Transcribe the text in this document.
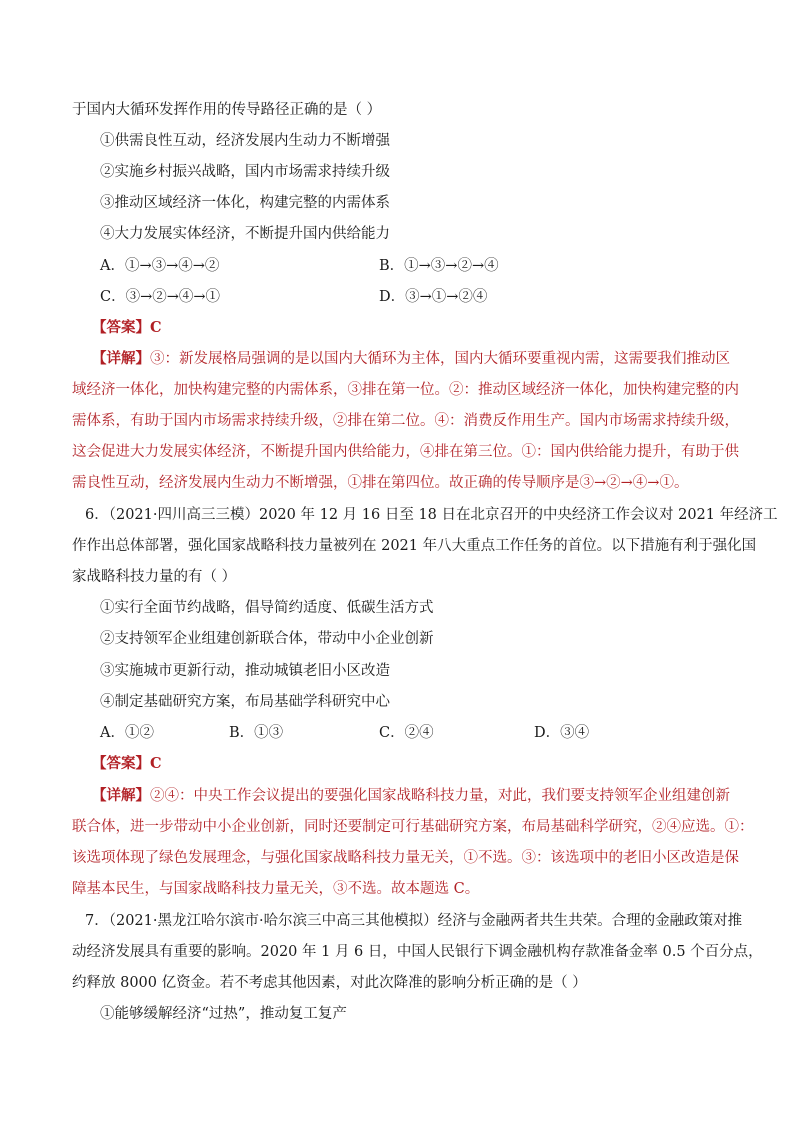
于国内大循环发挥作用的传导路径正确的是（ ）
①供需良性互动，经济发展内生动力不断增强
②实施乡村振兴战略，国内市场需求持续升级
③推动区域经济一体化，构建完整的内需体系
④大力发展实体经济，不断提升国内供给能力
A．①→③→④→②	B．①→③→②→④
C．③→②→④→①	D．③→①→②④
【答案】C
【详解】③：新发展格局强调的是以国内大循环为主体，国内大循环要重视内需，这需要我们推动区
域经济一体化，加快构建完整的内需体系，③排在第一位。②：推动区域经济一体化，加快构建完整的内
需体系，有助于国内市场需求持续升级，②排在第二位。④：消费反作用生产。国内市场需求持续升级，
这会促进大力发展实体经济，不断提升国内供给能力，④排在第三位。①：国内供给能力提升，有助于供
需良性互动，经济发展内生动力不断增强，①排在第四位。故正确的传导顺序是③→②→④→①。
6．（2021·四川高三三模）2020 年 12 月 16 日至 18 日在北京召开的中央经济工作会议对 2021 年经济工
作作出总体部署，强化国家战略科技力量被列在 2021 年八大重点工作任务的首位。以下措施有利于强化国
家战略科技力量的有（ ）
①实行全面节约战略，倡导简约适度、低碳生活方式
②支持领军企业组建创新联合体，带动中小企业创新
③实施城市更新行动，推动城镇老旧小区改造
④制定基础研究方案，布局基础学科研究中心
A．①②	B．①③	C．②④	D．③④
【答案】C
【详解】②④：中央工作会议提出的要强化国家战略科技力量，对此，我们要支持领军企业组建创新
联合体，进一步带动中小企业创新，同时还要制定可行基础研究方案，布局基础科学研究，②④应选。①：
该选项体现了绿色发展理念，与强化国家战略科技力量无关，①不选。③：该选项中的老旧小区改造是保
障基本民生，与国家战略科技力量无关，③不选。故本题选 C。
7．（2021·黑龙江哈尔滨市·哈尔滨三中高三其他模拟）经济与金融两者共生共荣。合理的金融政策对推
动经济发展具有重要的影响。2020 年 1 月 6 日，中国人民银行下调金融机构存款准备金率 0.5 个百分点，
约释放 8000 亿资金。若不考虑其他因素，对此次降准的影响分析正确的是（ ）
①能够缓解经济“过热”，推动复工复产
